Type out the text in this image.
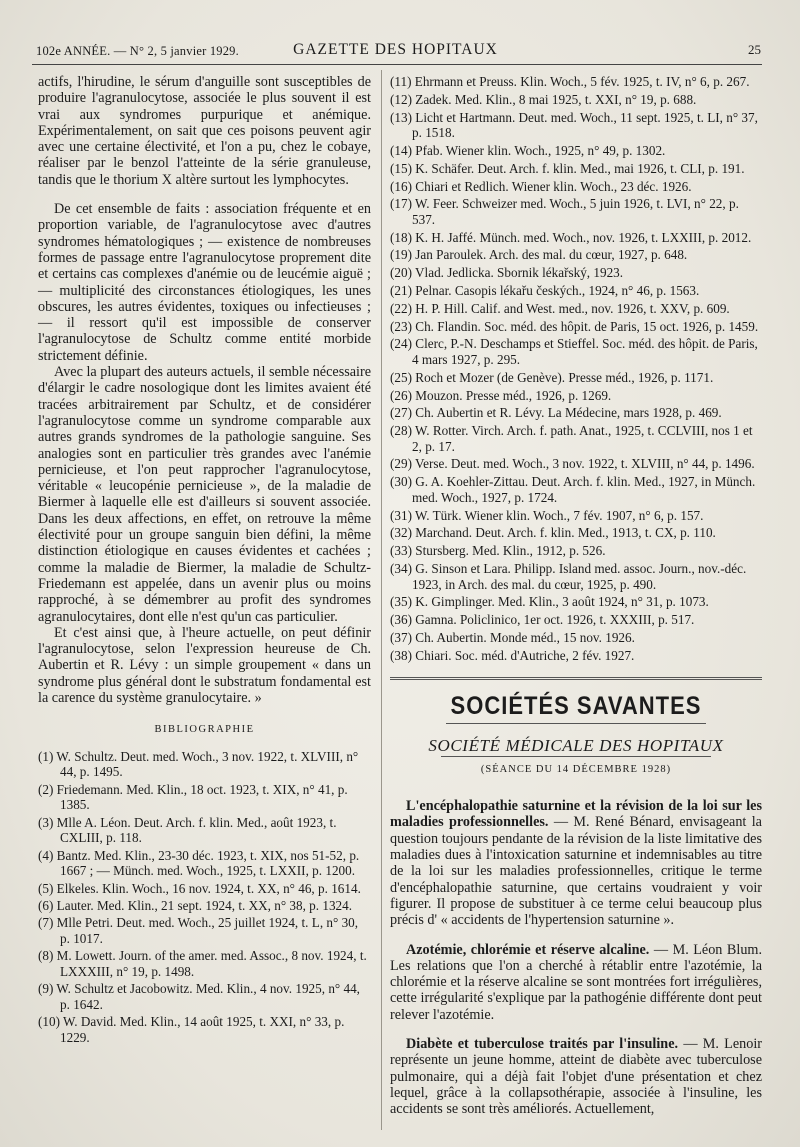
102e ANNÉE. — N° 2, 5 janvier 1929.	GAZETTE DES HOPITAUX	25

actifs, l'hirudine, le sérum d'anguille sont susceptibles de produire l'agranulocytose, associée le plus souvent il est vrai aux syndromes purpurique et anémique. Expérimentalement, on sait que ces poisons peuvent agir avec une certaine électivité, et l'on a pu, chez le cobaye, réaliser par le benzol l'atteinte de la série granuleuse, tandis que le thorium X altère surtout les lymphocytes.

De cet ensemble de faits : association fréquente et en proportion variable, de l'agranulocytose avec d'autres syndromes hématologiques ; — existence de nombreuses formes de passage entre l'agranulocytose proprement dite et certains cas complexes d'anémie ou de leucémie aiguë ; — multiplicité des circonstances étiologiques, les unes obscures, les autres évidentes, toxiques ou infectieuses ; — il ressort qu'il est impossible de conserver l'agranulocytose de Schultz comme entité morbide strictement définie.

Avec la plupart des auteurs actuels, il semble nécessaire d'élargir le cadre nosologique dont les limites avaient été tracées arbitrairement par Schultz, et de considérer l'agranulocytose comme un syndrome comparable aux autres grands syndromes de la pathologie sanguine. Ses analogies sont en particulier très grandes avec l'anémie pernicieuse, et l'on peut rapprocher l'agranulocytose, véritable « leucopénie pernicieuse », de la maladie de Biermer à laquelle elle est d'ailleurs si souvent associée. Dans les deux affections, en effet, on retrouve la même électivité pour un groupe sanguin bien défini, la même distinction étiologique en causes évidentes et cachées ; comme la maladie de Biermer, la maladie de Schultz-Friedemann est appelée, dans un avenir plus ou moins rapproché, à se démembrer au profit des syndromes agranulocytaires, dont elle n'est qu'un cas particulier.

Et c'est ainsi que, à l'heure actuelle, on peut définir l'agranulocytose, selon l'expression heureuse de Ch. Aubertin et R. Lévy : un simple groupement « dans un syndrome plus général dont le substratum fondamental est la carence du système granulocytaire. »

BIBLIOGRAPHIE
(1) W. Schultz. Deut. med. Woch., 3 nov. 1922, t. XLVIII, n° 44, p. 1495.
(2) Friedemann. Med. Klin., 18 oct. 1923, t. XIX, n° 41, p. 1385.
(3) Mlle A. Léon. Deut. Arch. f. klin. Med., août 1923, t. CXLIII, p. 118.
(4) Bantz. Med. Klin., 23-30 déc. 1923, t. XIX, nos 51-52, p. 1667 ; — Münch. med. Woch., 1925, t. LXXII, p. 1200.
(5) Elkeles. Klin. Woch., 16 nov. 1924, t. XX, n° 46, p. 1614.
(6) Lauter. Med. Klin., 21 sept. 1924, t. XX, n° 38, p. 1324.
(7) Mlle Petri. Deut. med. Woch., 25 juillet 1924, t. L, n° 30, p. 1017.
(8) M. Lowett. Journ. of the amer. med. Assoc., 8 nov. 1924, t. LXXXIII, n° 19, p. 1498.
(9) W. Schultz et Jacobowitz. Med. Klin., 4 nov. 1925, n° 44, p. 1642.
(10) W. David. Med. Klin., 14 août 1925, t. XXI, n° 33, p. 1229.
(11) Ehrmann et Preuss. Klin. Woch., 5 fév. 1925, t. IV, n° 6, p. 267.
(12) Zadek. Med. Klin., 8 mai 1925, t. XXI, n° 19, p. 688.
(13) Licht et Hartmann. Deut. med. Woch., 11 sept. 1925, t. LI, n° 37, p. 1518.
(14) Pfab. Wiener klin. Woch., 1925, n° 49, p. 1302.
(15) K. Schäfer. Deut. Arch. f. klin. Med., mai 1926, t. CLI, p. 191.
(16) Chiari et Redlich. Wiener klin. Woch., 23 déc. 1926.
(17) W. Feer. Schweizer med. Woch., 5 juin 1926, t. LVI, n° 22, p. 537.
(18) K. H. Jaffé. Münch. med. Woch., nov. 1926, t. LXXIII, p. 2012.
(19) Jan Paroulek. Arch. des mal. du cœur, 1927, p. 648.
(20) Vlad. Jedlicka. Sbornik lékařský, 1923.
(21) Pelnar. Casopis lékařu českých., 1924, n° 46, p. 1563.
(22) H. P. Hill. Calif. and West. med., nov. 1926, t. XXV, p. 609.
(23) Ch. Flandin. Soc. méd. des hôpit. de Paris, 15 oct. 1926, p. 1459.
(24) Clerc, P.-N. Deschamps et Stieffel. Soc. méd. des hôpit. de Paris, 4 mars 1927, p. 295.
(25) Roch et Mozer (de Genève). Presse méd., 1926, p. 1171.
(26) Mouzon. Presse méd., 1926, p. 1269.
(27) Ch. Aubertin et R. Lévy. La Médecine, mars 1928, p. 469.
(28) W. Rotter. Virch. Arch. f. path. Anat., 1925, t. CCLVIII, nos 1 et 2, p. 17.
(29) Verse. Deut. med. Woch., 3 nov. 1922, t. XLVIII, n° 44, p. 1496.
(30) G. A. Koehler-Zittau. Deut. Arch. f. klin. Med., 1927, in Münch. med. Woch., 1927, p. 1724.
(31) W. Türk. Wiener klin. Woch., 7 fév. 1907, n° 6, p. 157.
(32) Marchand. Deut. Arch. f. klin. Med., 1913, t. CX, p. 110.
(33) Stursberg. Med. Klin., 1912, p. 526.
(34) G. Sinson et Lara. Philipp. Island med. assoc. Journ., nov.-déc. 1923, in Arch. des mal. du cœur, 1925, p. 490.
(35) K. Gimplinger. Med. Klin., 3 août 1924, n° 31, p. 1073.
(36) Gamna. Policlinico, 1er oct. 1926, t. XXXIII, p. 517.
(37) Ch. Aubertin. Monde méd., 15 nov. 1926.
(38) Chiari. Soc. méd. d'Autriche, 2 fév. 1927.
SOCIÉTÉS SAVANTES
SOCIÉTÉ MÉDICALE DES HOPITAUX
(SÉANCE DU 14 DÉCEMBRE 1928)

L'encéphalopathie saturnine et la révision de la loi sur les maladies professionnelles. — M. René Bénard, envisageant la question toujours pendante de la révision de la liste limitative des maladies dues à l'intoxication saturnine et indemnisables au titre de la loi sur les maladies professionnelles, critique le terme d'encéphalopathie saturnine, que certains voudraient y voir figurer. Il propose de substituer à ce terme celui beaucoup plus précis d' « accidents de l'hypertension saturnine ».

Azotémie, chlorémie et réserve alcaline. — M. Léon Blum. Les relations que l'on a cherché à rétablir entre l'azotémie, la chlorémie et la réserve alcaline se sont montrées fort irrégulières, cette irrégularité s'explique par la pathogénie différente dont peut relever l'azotémie.

Diabète et tuberculose traités par l'insuline. — M. Lenoir représente un jeune homme, atteint de diabète avec tuberculose pulmonaire, qui a déjà fait l'objet d'une présentation et chez lequel, grâce à la collapsothérapie, associée à l'insuline, les accidents se sont très améliorés. Actuellement,
